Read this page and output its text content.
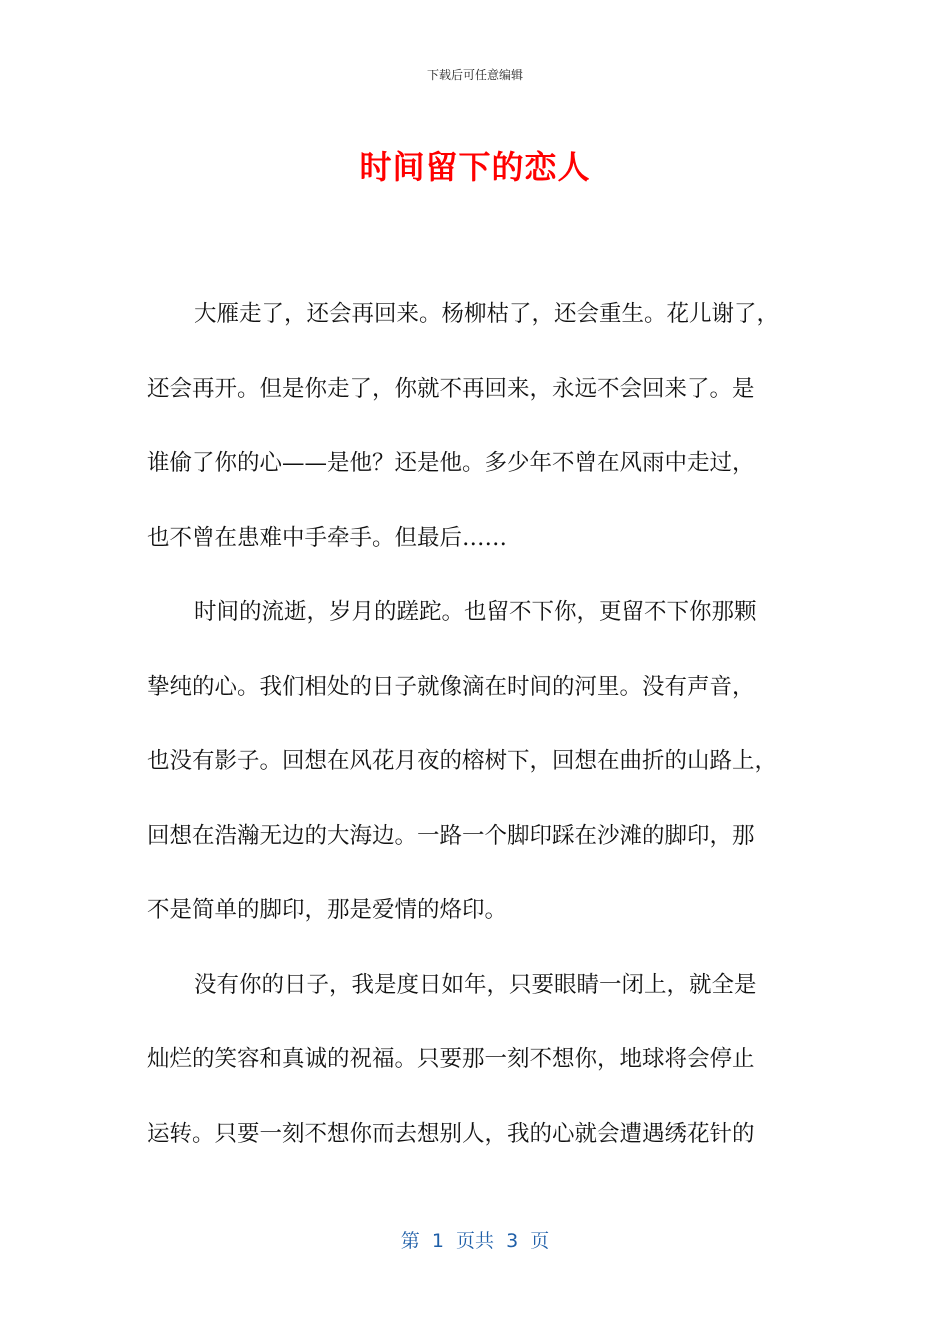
下载后可任意编辑
时间留下的恋人
大雁走了，还会再回来。杨柳枯了，还会重生。花儿谢了，
还会再开。但是你走了，你就不再回来，永远不会回来了。是
谁偷了你的心——是他？还是他。多少年不曾在风雨中走过，
也不曾在患难中手牵手。但最后……
时间的流逝，岁月的蹉跎。也留不下你，更留不下你那颗
挚纯的心。我们相处的日子就像滴在时间的河里。没有声音，
也没有影子。回想在风花月夜的榕树下，回想在曲折的山路上，
回想在浩瀚无边的大海边。一路一个脚印踩在沙滩的脚印，那
不是简单的脚印，那是爱情的烙印。
没有你的日子，我是度日如年，只要眼睛一闭上，就全是
灿烂的笑容和真诚的祝福。只要那一刻不想你，地球将会停止
运转。只要一刻不想你而去想别人，我的心就会遭遇绣花针的
第  1  页共  3  页
